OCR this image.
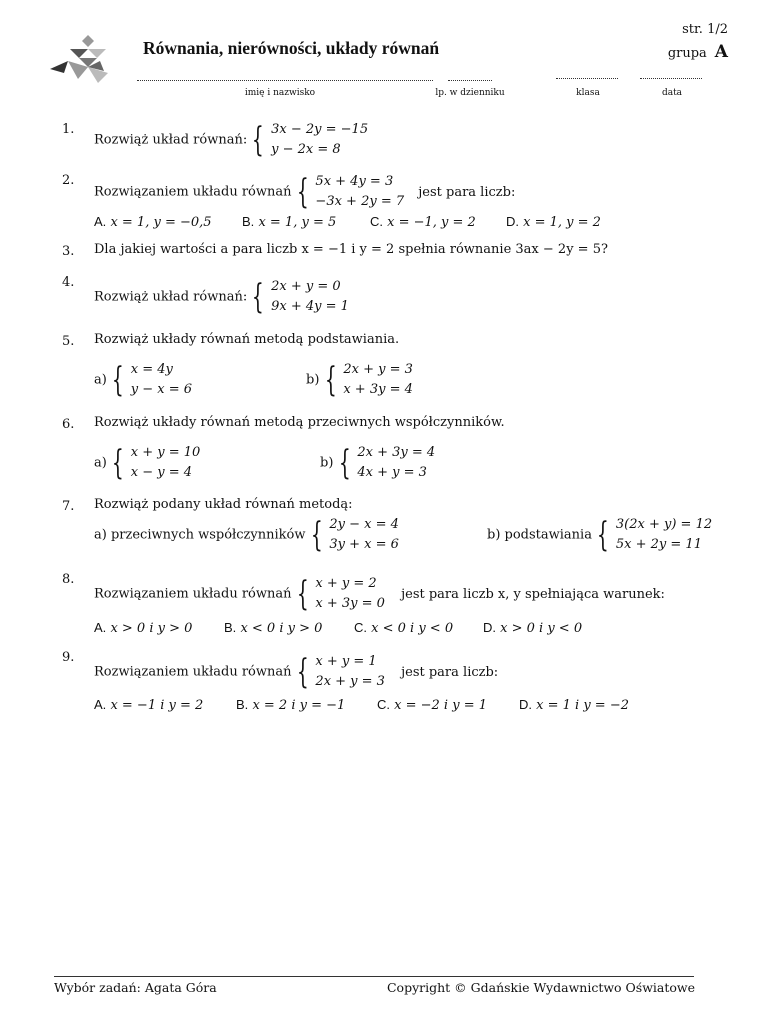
Równania, nierówności, układy równań
str. 1/2
grupa A
imię i nazwisko	lp. w dzienniku	klasa	data
1.
Rozwiąż układ równań: { 3x − 2y = −15
y − 2x = 8
2.
Rozwiązaniem układu równań { 5x + 4y = 3
−3x + 2y = 7
jest para liczb:
A. x = 1, y = −0,5 B. x = 1, y = 5	C. x = −1, y = 2 D. x = 1, y = 2
3. Dla jakiej wartości a para liczb x = −1 i y = 2 spełnia równanie 3ax − 2y = 5?
4.
Rozwiąż układ równań: { 2x + y = 0
9x + 4y = 1
5. Rozwiąż układy równań metodą podstawiania.
a) { x = 4y
y − x = 6
b) { 2x + y = 3
x + 3y = 4
6. Rozwiąż układy równań metodą przeciwnych współczynników.
a) { x + y = 10
x − y = 4
b) { 2x + 3y = 4
4x + y = 3
7. Rozwiąż podany układ równań metodą:
a) przeciwnych współczynników { 2y − x = 4
3y + x = 6
b) podstawiania { 3(2x + y) = 12
5x + 2y = 11
8.
Rozwiązaniem układu równań { x + y = 2
x + 3y = 0
jest para liczb x, y spełniająca warunek:
A. x > 0 i y > 0 B. x < 0 i y > 0 C. x < 0 i y < 0 D. x > 0 i y < 0
9.
Rozwiązaniem układu równań { x + y = 1
2x + y = 3
jest para liczb:
A. x = −1 i y = 2	B. x = 2 i y = −1 C. x = −2 i y = 1 D. x = 1 i y = −2
Wybór zadań: Agata Góra	Copyright © Gdańskie Wydawnictwo Oświatowe
